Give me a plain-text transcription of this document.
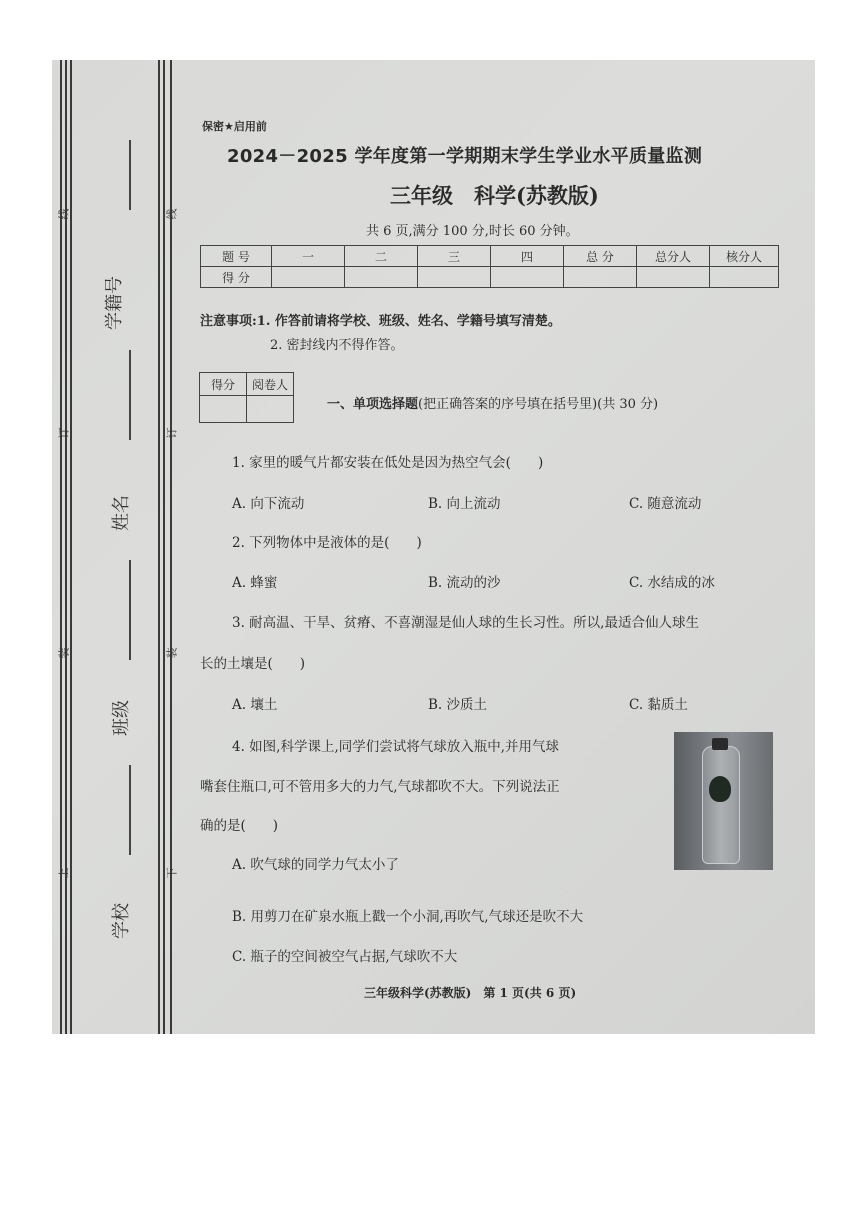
线
订
装
上
线
订
装
下
学籍号
姓名
班级
学校
保密★启用前
2024－2025 学年度第一学期期末学生学业水平质量监测
三年级　科学(苏教版)
共 6 页,满分 100 分,时长 60 分钟。
题 号	一	二	三	四	总 分	总分人	核分人
得 分							
注意事项:1. 作答前请将学校、班级、姓名、学籍号填写清楚。
2. 密封线内不得作答。
得分	阅卷人

一、单项选择题(把正确答案的序号填在括号里)(共 30 分)
1. 家里的暖气片都安装在低处是因为热空气会(　　)
A. 向下流动	B. 向上流动	C. 随意流动
2. 下列物体中是液体的是(　　)
A. 蜂蜜	B. 流动的沙	C. 水结成的冰
3. 耐高温、干旱、贫瘠、不喜潮湿是仙人球的生长习性。所以,最适合仙人球生
长的土壤是(　　)
A. 壤土	B. 沙质土	C. 黏质土
4. 如图,科学课上,同学们尝试将气球放入瓶中,并用气球
嘴套住瓶口,可不管用多大的力气,气球都吹不大。下列说法正
确的是(　　)
A. 吹气球的同学力气太小了
B. 用剪刀在矿泉水瓶上戳一个小洞,再吹气,气球还是吹不大
C. 瓶子的空间被空气占据,气球吹不大
三年级科学(苏教版)　第 1 页(共 6 页)
